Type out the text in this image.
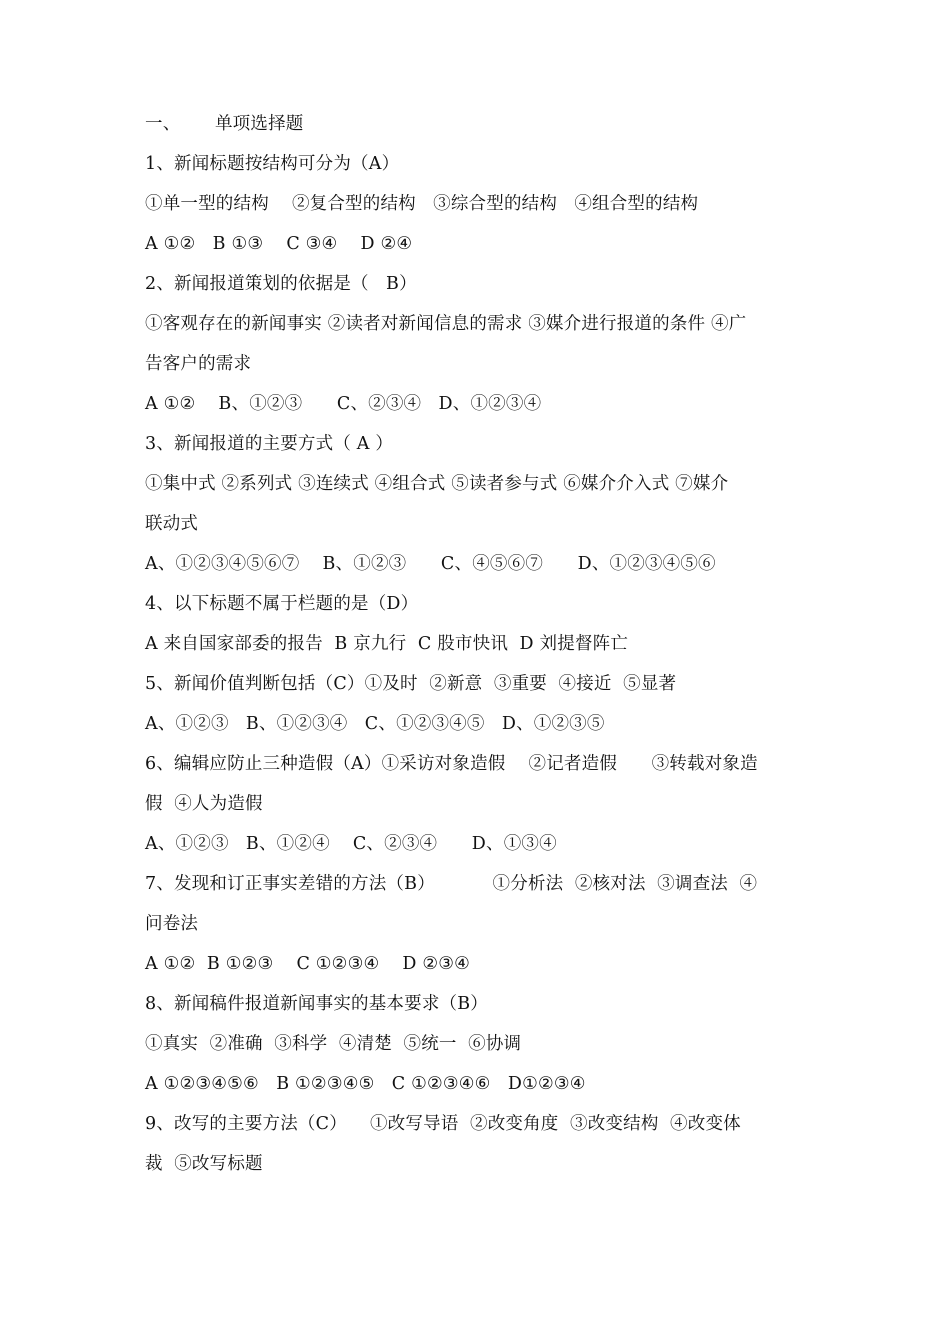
一、      单项选择题
1、新闻标题按结构可分为（A）
①单一型的结构    ②复合型的结构   ③综合型的结构   ④组合型的结构
A ①②   B ①③    C ③④    D ②④
2、新闻报道策划的依据是（   B）
①客观存在的新闻事实 ②读者对新闻信息的需求 ③媒介进行报道的条件 ④广
告客户的需求
A ①②    B、①②③      C、②③④   D、①②③④
3、新闻报道的主要方式（ A ）
①集中式 ②系列式 ③连续式 ④组合式 ⑤读者参与式 ⑥媒介介入式 ⑦媒介
联动式
A、①②③④⑤⑥⑦    B、①②③      C、④⑤⑥⑦      D、①②③④⑤⑥
4、以下标题不属于栏题的是（D）
A 来自国家部委的报告  B 京九行  C 股市快讯  D 刘提督阵亡
5、新闻价值判断包括（C）①及时  ②新意  ③重要  ④接近  ⑤显著
A、①②③   B、①②③④   C、①②③④⑤   D、①②③⑤
6、编辑应防止三种造假（A）①采访对象造假    ②记者造假      ③转载对象造
假  ④人为造假
A、①②③   B、①②④    C、②③④      D、①③④
7、发现和订正事实差错的方法（B）          ①分析法  ②核对法  ③调查法  ④
问卷法
A ①②  B ①②③    C ①②③④    D ②③④
8、新闻稿件报道新闻事实的基本要求（B）
①真实  ②准确  ③科学  ④清楚  ⑤统一  ⑥协调
A ①②③④⑤⑥   B ①②③④⑤   C ①②③④⑥   D①②③④
9、改写的主要方法（C）    ①改写导语  ②改变角度  ③改变结构  ④改变体
裁  ⑤改写标题
